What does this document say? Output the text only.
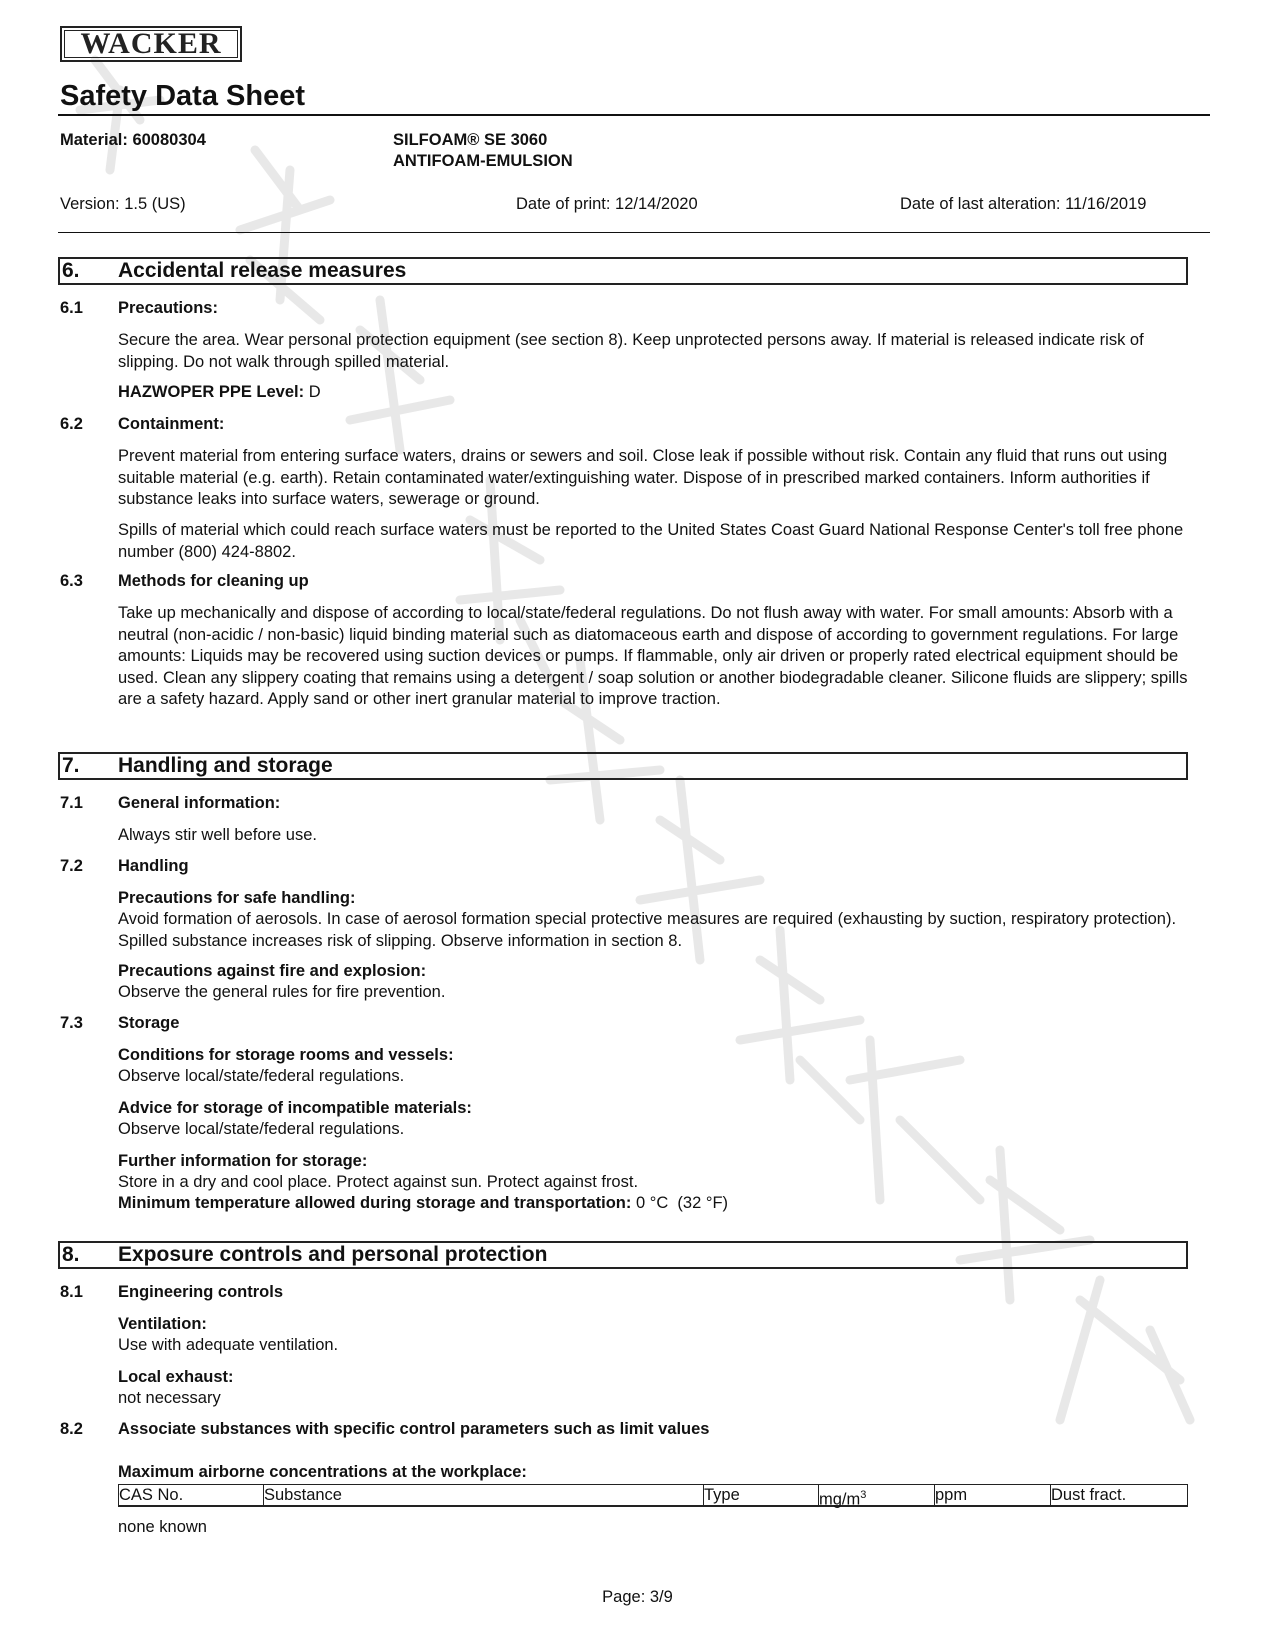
WACKER
Safety Data Sheet
Material: 60080304	SILFOAM® SE 3060
ANTIFOAM-EMULSION
Version: 1.5 (US)	Date of print: 12/14/2020	Date of last alteration: 11/16/2019
6. Accidental release measures
6.1 Precautions:
Secure the area. Wear personal protection equipment (see section 8). Keep unprotected persons away. If material is released indicate risk of slipping. Do not walk through spilled material.
HAZWOPER PPE Level: D
6.2 Containment:
Prevent material from entering surface waters, drains or sewers and soil. Close leak if possible without risk. Contain any fluid that runs out using suitable material (e.g. earth). Retain contaminated water/extinguishing water. Dispose of in prescribed marked containers. Inform authorities if substance leaks into surface waters, sewerage or ground.
Spills of material which could reach surface waters must be reported to the United States Coast Guard National Response Center's toll free phone number (800) 424-8802.
6.3 Methods for cleaning up
Take up mechanically and dispose of according to local/state/federal regulations. Do not flush away with water. For small amounts: Absorb with a neutral (non-acidic / non-basic) liquid binding material such as diatomaceous earth and dispose of according to government regulations. For large amounts: Liquids may be recovered using suction devices or pumps. If flammable, only air driven or properly rated electrical equipment should be used. Clean any slippery coating that remains using a detergent / soap solution or another biodegradable cleaner. Silicone fluids are slippery; spills are a safety hazard. Apply sand or other inert granular material to improve traction.
7. Handling and storage
7.1 General information:
Always stir well before use.
7.2 Handling
Precautions for safe handling:
Avoid formation of aerosols. In case of aerosol formation special protective measures are required (exhausting by suction, respiratory protection). Spilled substance increases risk of slipping. Observe information in section 8.
Precautions against fire and explosion:
Observe the general rules for fire prevention.
7.3 Storage
Conditions for storage rooms and vessels:
Observe local/state/federal regulations.
Advice for storage of incompatible materials:
Observe local/state/federal regulations.
Further information for storage:
Store in a dry and cool place. Protect against sun. Protect against frost.
Minimum temperature allowed during storage and transportation: 0 °C  (32 °F)
8. Exposure controls and personal protection
8.1 Engineering controls
Ventilation:
Use with adequate ventilation.
Local exhaust:
not necessary
8.2 Associate substances with specific control parameters such as limit values
Maximum airborne concentrations at the workplace:
CAS No.	Substance	Type	$mg/m^3$	ppm	Dust fract.
none known
Page: 3/9
